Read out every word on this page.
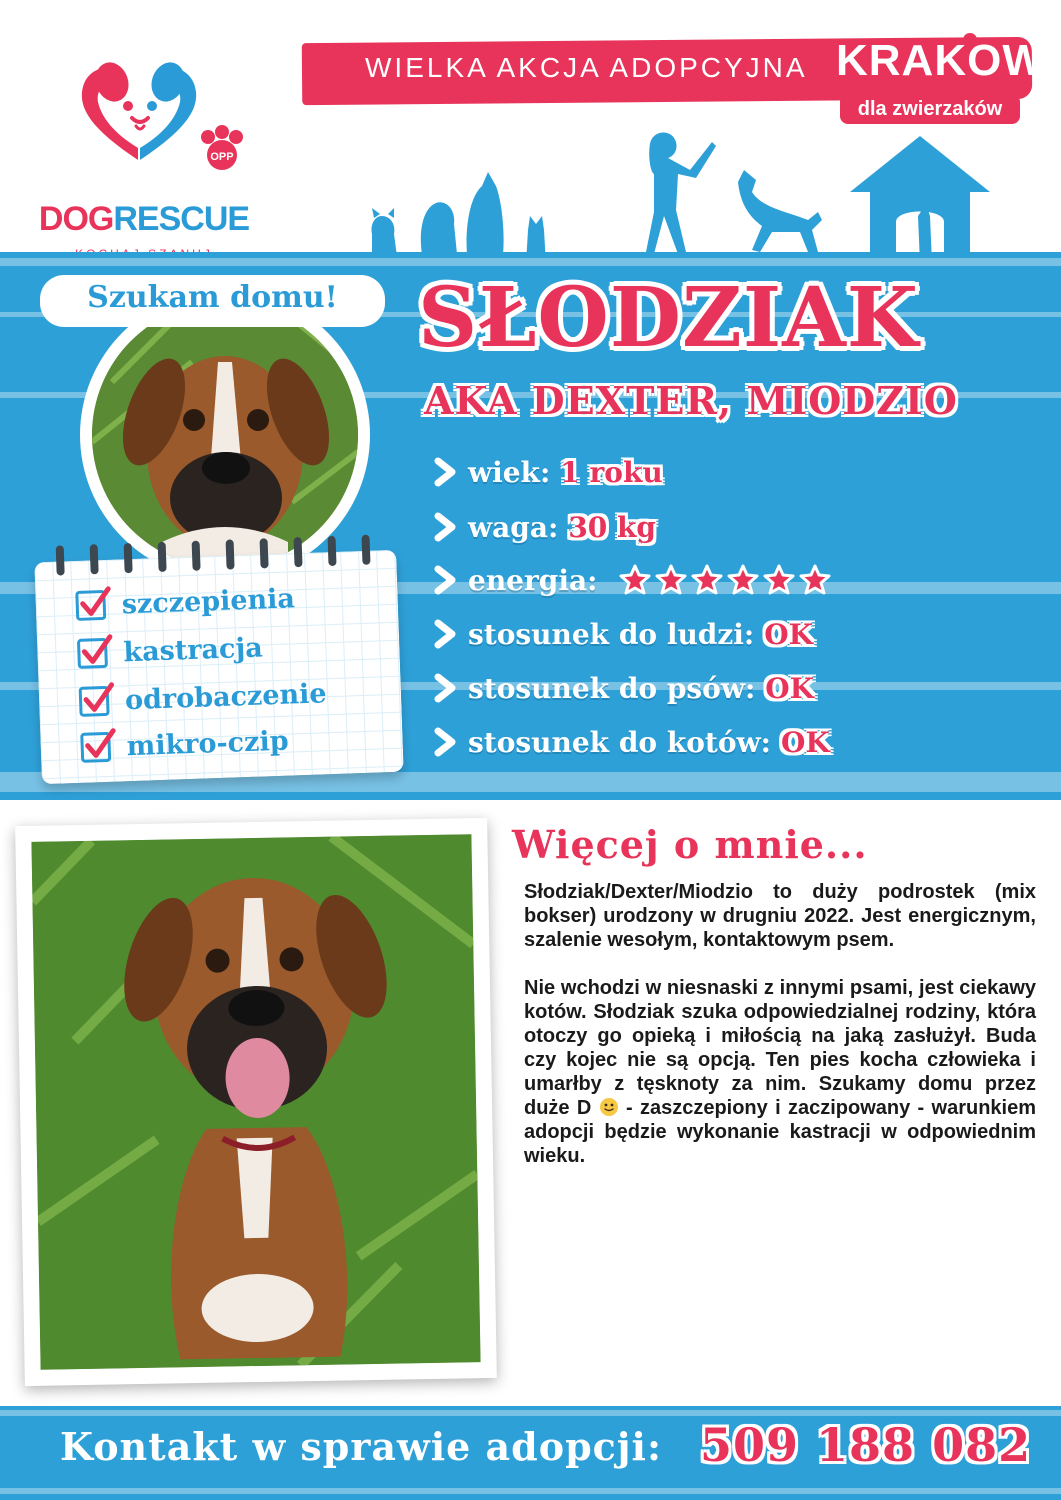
OPP
DOGRESCUE
WIELKA AKCJA ADOPCYJNA KRAKOW
dla zwierzaków
Szukam domu! SŁODZIAK
AKA DEXTER, MIODZIO
wiek: 1 roku
waga: 30 kg
energia:
stosunek do ludzi: OK
stosunek do psów: OK
stosunek do kotów: OK
szczepienia
kastracja
odrobaczenie
mikro-czip
Więcej o mnie...

Słodziak/Dexter/Miodzio to duży podrostek (mix bokser) urodzony w drugniu 2022. Jest energicznym, szalenie wesołym, kontaktowym psem.

Nie wchodzi w niesnaski z innymi psami, jest ciekawy kotów. Słodziak szuka odpowiedzialnej rodziny, która otoczy go opieką i miłością na jaką zasłużył. Buda czy kojec nie są opcją. Ten pies kocha człowieka i umarłby z tęsknoty za nim. Szukamy domu przez duże D  - zaszczepiony i zaczipowany - warunkiem adopcji będzie wykonanie kastracji w odpowiednim wieku.

Kontakt w sprawie adopcji: 509 188 082
